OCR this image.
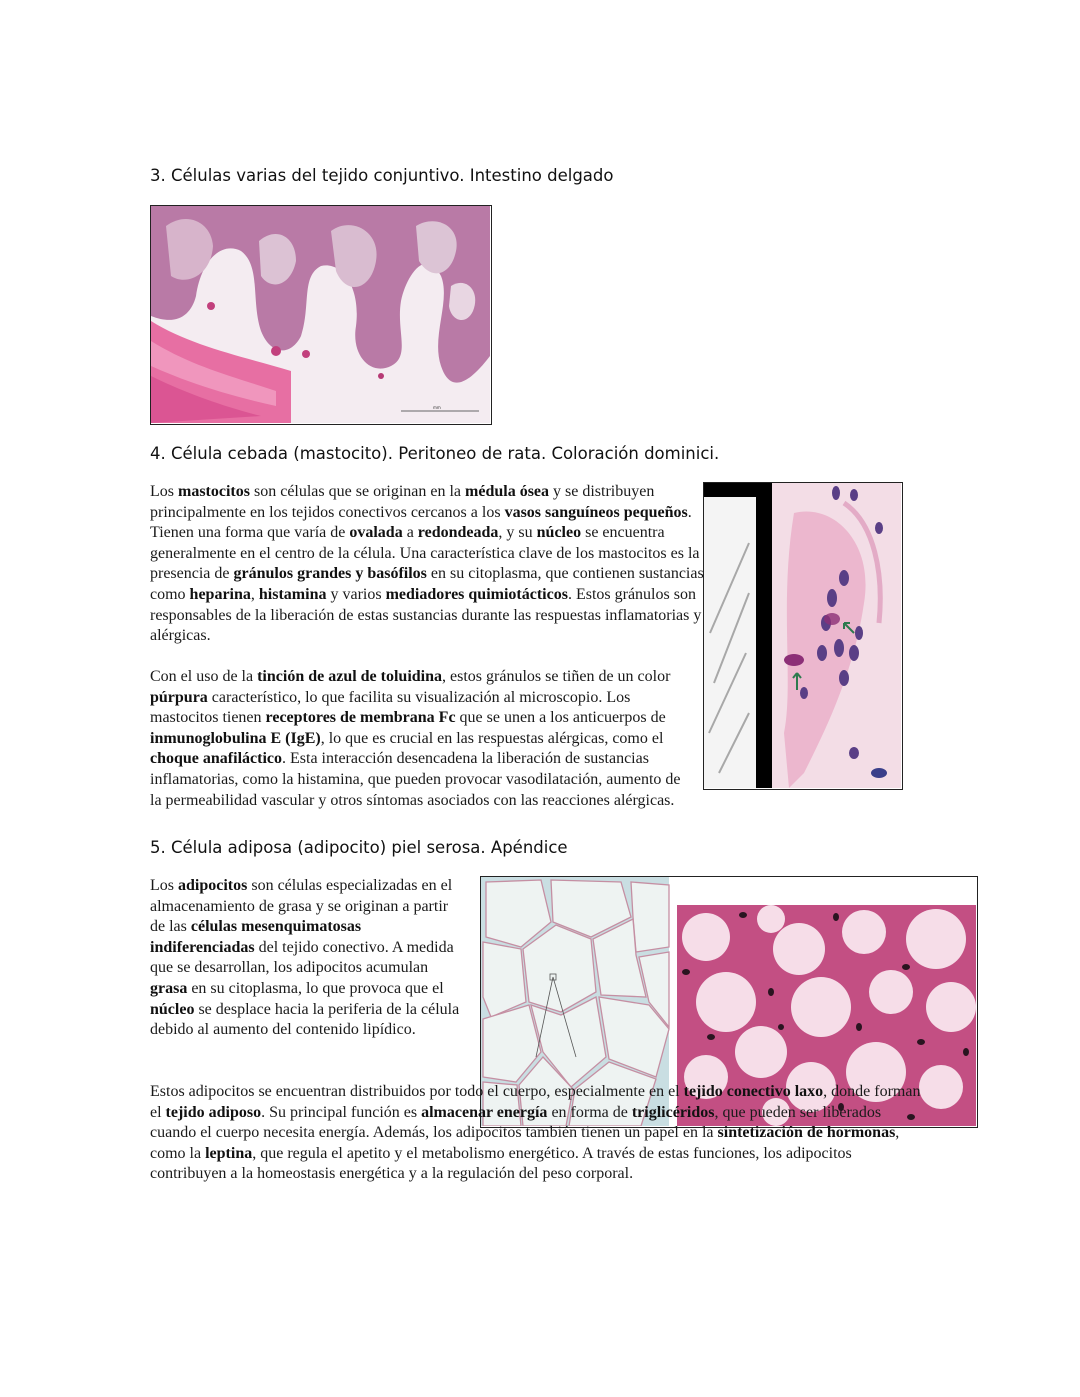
3. Células varias del tejido conjuntivo. Intestino delgado
mm
4. Célula cebada (mastocito). Peritoneo de rata. Coloración dominici.
Los mastocitos son células que se originan en la médula ósea y se distribuyen principalmente en los tejidos conectivos cercanos a los vasos sanguíneos pequeños. Tienen una forma que varía de ovalada a redondeada, y su núcleo se encuentra generalmente en el centro de la célula. Una característica clave de los mastocitos es la presencia de gránulos grandes y basófilos en su citoplasma, que contienen sustancias como heparina, histamina y varios mediadores quimiotácticos. Estos gránulos son responsables de la liberación de estas sustancias durante las respuestas inflamatorias y alérgicas.
Con el uso de la tinción de azul de toluidina, estos gránulos se tiñen de un color púrpura característico, lo que facilita su visualización al microscopio. Los mastocitos tienen receptores de membrana Fc que se unen a los anticuerpos de inmunoglobulina E (IgE), lo que es crucial en las respuestas alérgicas, como el choque anafiláctico. Esta interacción desencadena la liberación de sustancias inflamatorias, como la histamina, que pueden provocar vasodilatación, aumento de la permeabilidad vascular y otros síntomas asociados con las reacciones alérgicas.
5. Célula adiposa (adipocito) piel serosa. Apéndice
Los adipocitos son células especializadas en el almacenamiento de grasa y se originan a partir de las células mesenquimatosas indiferenciadas del tejido conectivo. A medida que se desarrollan, los adipocitos acumulan grasa en su citoplasma, lo que provoca que el núcleo se desplace hacia la periferia de la célula debido al aumento del contenido lipídico.
Estos adipocitos se encuentran distribuidos por todo el cuerpo, especialmente en el tejido conectivo laxo, donde forman el tejido adiposo. Su principal función es almacenar energía en forma de triglicéridos, que pueden ser liberados cuando el cuerpo necesita energía. Además, los adipocitos también tienen un papel en la sintetización de hormonas, como la leptina, que regula el apetito y el metabolismo energético. A través de estas funciones, los adipocitos contribuyen a la homeostasis energética y a la regulación del peso corporal.
